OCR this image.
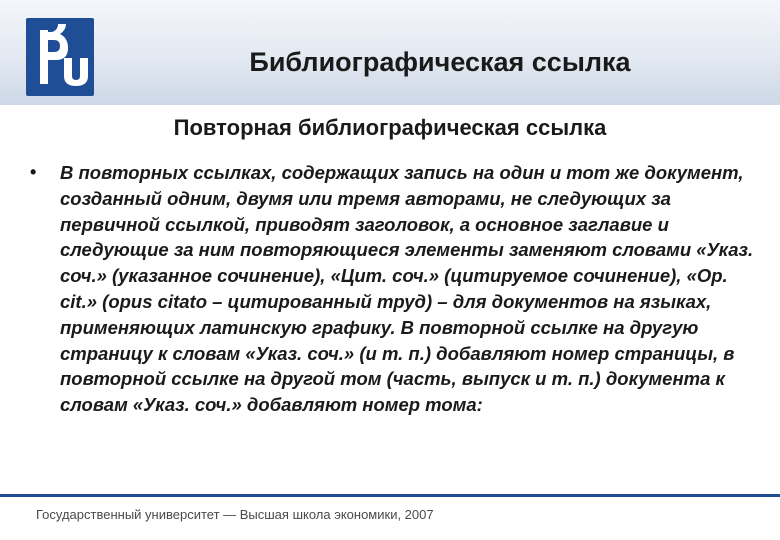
Библиографическая ссылка
Повторная библиографическая ссылка
• В повторных ссылках, содержащих запись на один и тот же документ, созданный одним, двумя или тремя авторами, не следующих за первичной ссылкой, приводят заголовок, а основное заглавие и следующие за ним повторяющиеся элементы заменяют словами «Указ. соч.» (указанное сочинение), «Цит. соч.» (цитируемое сочинение), «Op. cit.» (opus citato – цитированный труд) – для документов на языках, применяющих латинскую графику. В повторной ссылке на другую страницу к словам «Указ. соч.» (и т. п.) добавляют номер страницы, в повторной ссылке на другой том (часть, выпуск и т. п.) документа к словам «Указ. соч.» добавляют номер тома:

Государственный университет — Высшая школа экономики, 2007
